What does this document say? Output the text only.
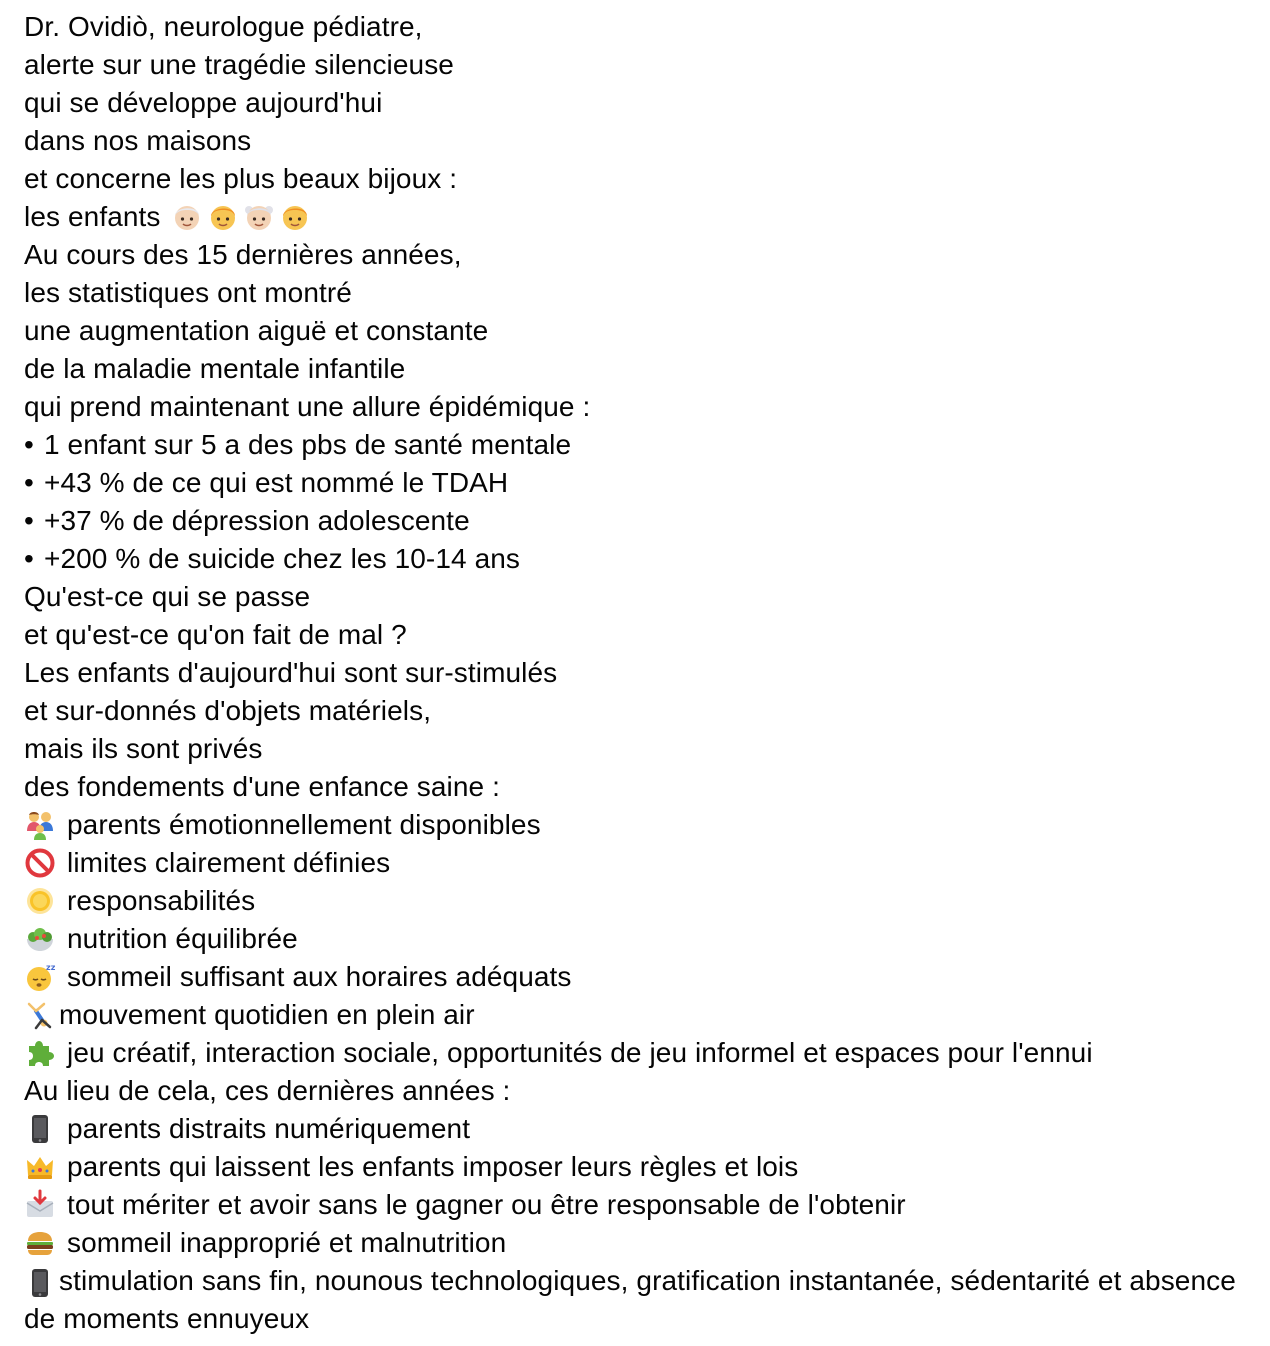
Dr. Ovidiò, neurologue pédiatre,
alerte sur une tragédie silencieuse
qui se développe aujourd'hui
dans nos maisons
et concerne les plus beaux bijoux :
les enfants
Au cours des 15 dernières années,
les statistiques ont montré
une augmentation aiguë et constante
de la maladie mentale infantile
qui prend maintenant une allure épidémique :
• 1 enfant sur 5 a des pbs de santé mentale
• +43 % de ce qui est nommé le TDAH
• +37 % de dépression adolescente
• +200 % de suicide chez les 10-14 ans
Qu'est-ce qui se passe
et qu'est-ce qu'on fait de mal ?
Les enfants d'aujourd'hui sont sur-stimulés
et sur-donnés d'objets matériels,
mais ils sont privés
des fondements d'une enfance saine :
parents émotionnellement disponibles
limites clairement définies
responsabilités
nutrition équilibrée
zz sommeil suffisant aux horaires adéquats
mouvement quotidien en plein air
jeu créatif, interaction sociale, opportunités de jeu informel et espaces pour l'ennui
Au lieu de cela, ces dernières années :
parents distraits numériquement
parents qui laissent les enfants imposer leurs règles et lois
tout mériter et avoir sans le gagner ou être responsable de l'obtenir
sommeil inapproprié et malnutrition
stimulation sans fin, nounous technologiques, gratification instantanée, sédentarité et absence de moments ennuyeux
